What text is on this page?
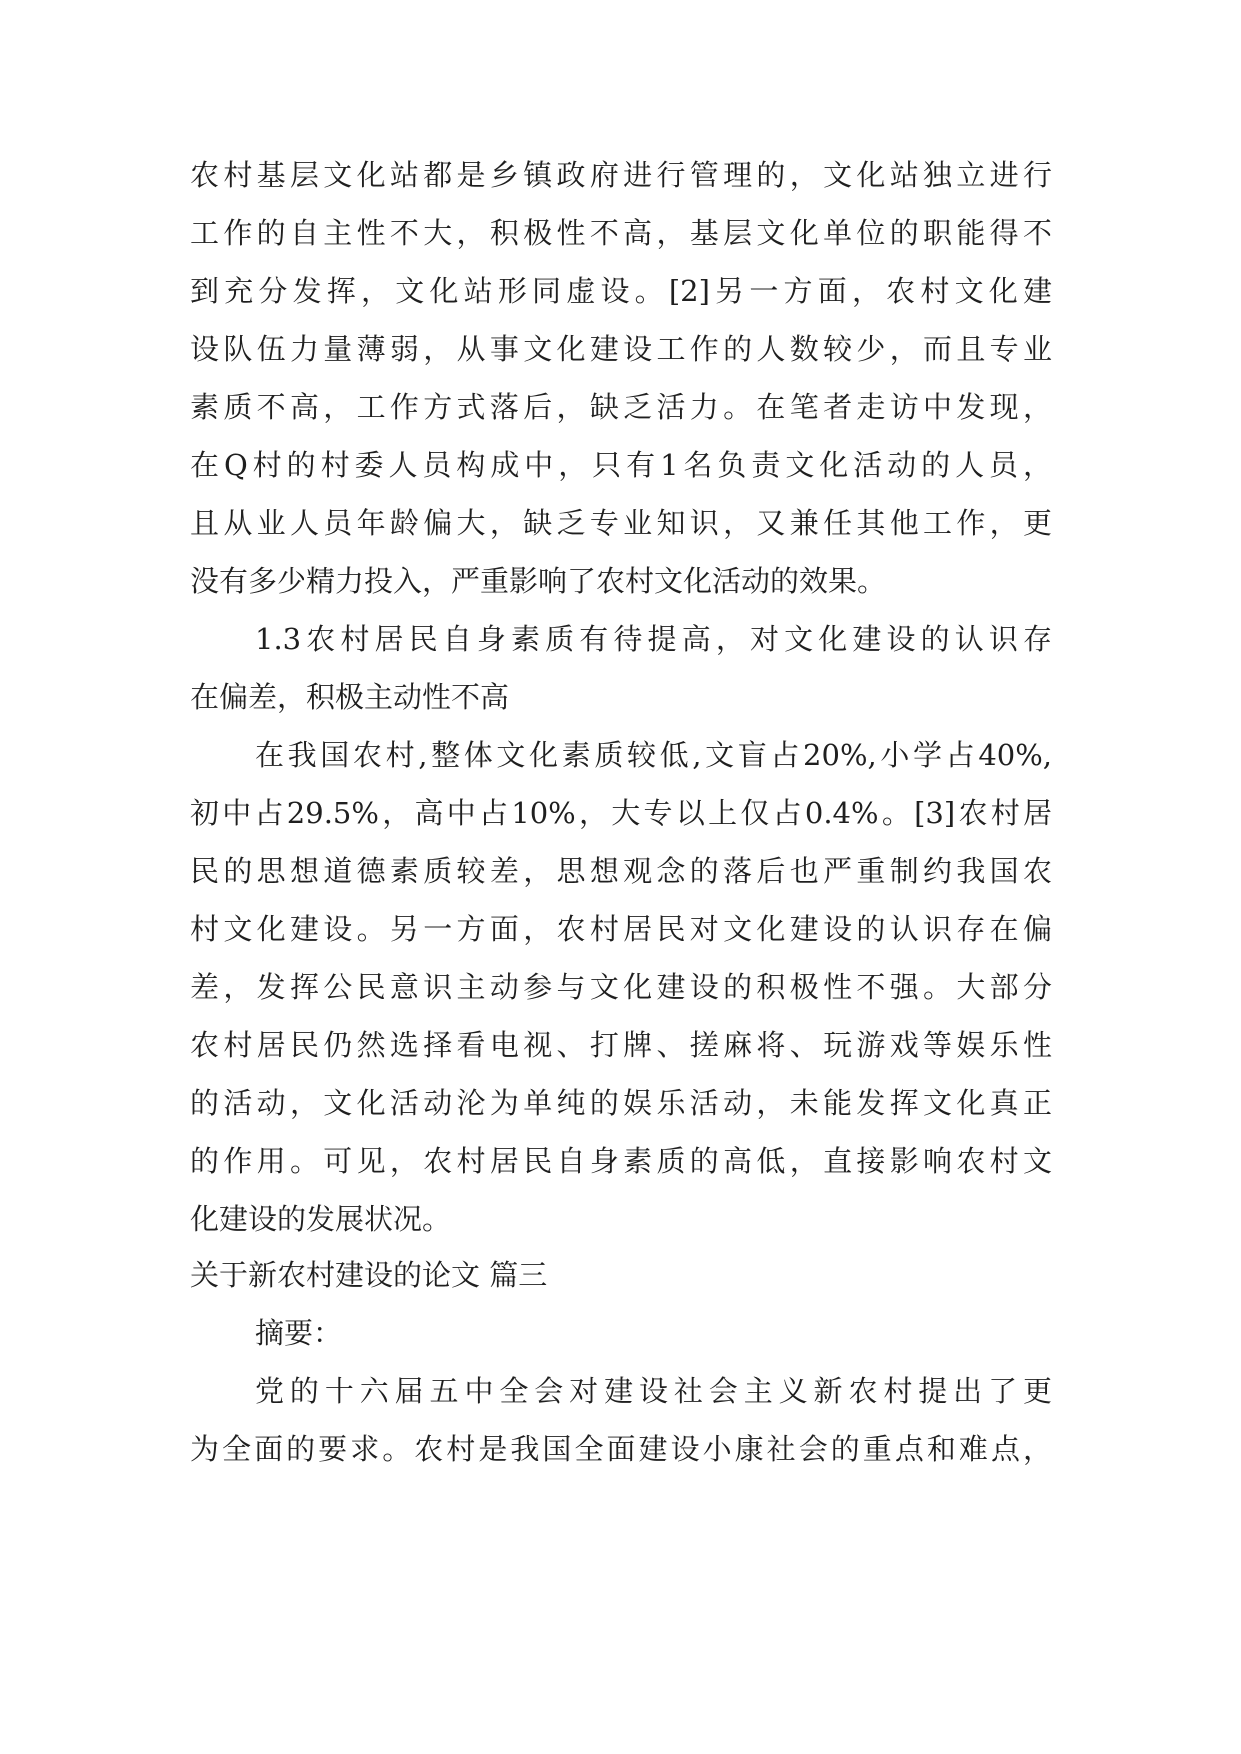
农村基层文化站都是乡镇政府进行管理的，文化站独立进行
工作的自主性不大，积极性不高，基层文化单位的职能得不
到充分发挥，文化站形同虚设。[2]另一方面，农村文化建
设队伍力量薄弱，从事文化建设工作的人数较少，而且专业
素质不高，工作方式落后，缺乏活力。在笔者走访中发现，
在Q村的村委人员构成中，只有1名负责文化活动的人员，
且从业人员年龄偏大，缺乏专业知识，又兼任其他工作，更
没有多少精力投入，严重影响了农村文化活动的效果。
1.3农村居民自身素质有待提高，对文化建设的认识存
在偏差，积极主动性不高
在我国农村,整体文化素质较低,文盲占20%,小学占40%,
初中占29.5%，高中占10%，大专以上仅占0.4%。[3]农村居
民的思想道德素质较差，思想观念的落后也严重制约我国农
村文化建设。另一方面，农村居民对文化建设的认识存在偏
差，发挥公民意识主动参与文化建设的积极性不强。大部分
农村居民仍然选择看电视、打牌、搓麻将、玩游戏等娱乐性
的活动，文化活动沦为单纯的娱乐活动，未能发挥文化真正
的作用。可见，农村居民自身素质的高低，直接影响农村文
化建设的发展状况。
关于新农村建设的论文 篇三
摘要：
党的十六届五中全会对建设社会主义新农村提出了更
为全面的要求。农村是我国全面建设小康社会的重点和难点，
